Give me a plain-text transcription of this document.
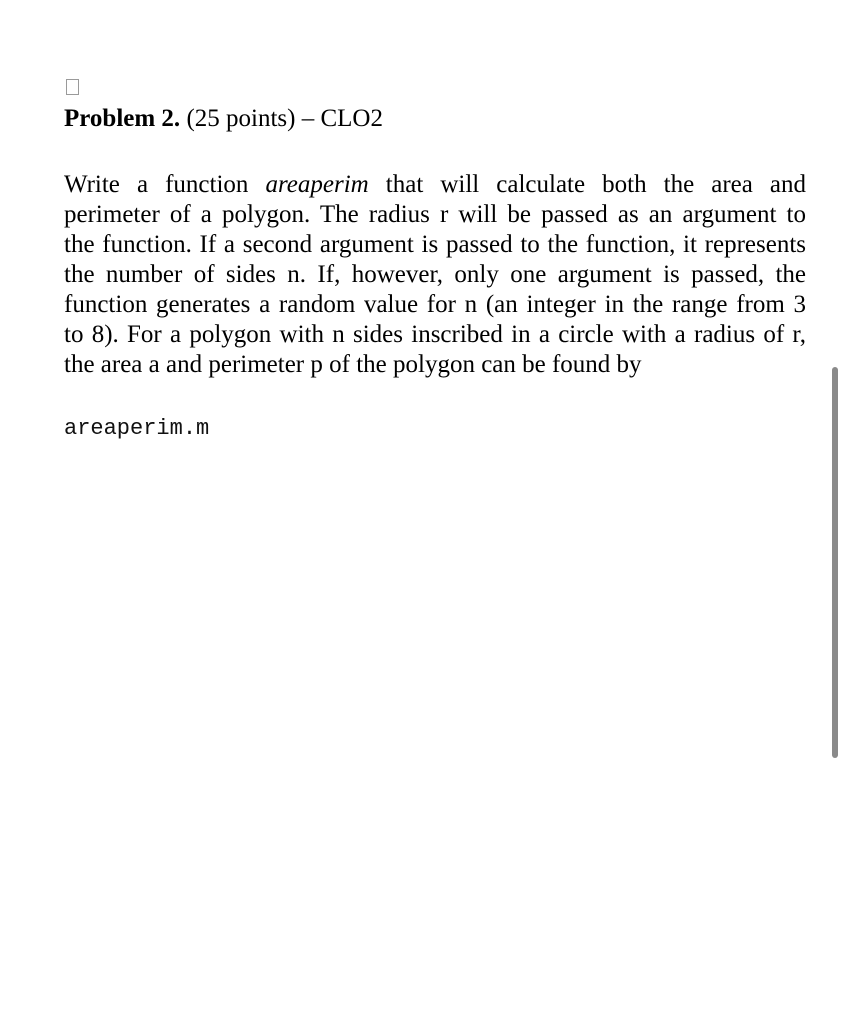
Problem 2. (25 points) – CLO2
Write a function areaperim that will calculate both the area and
perimeter of a polygon. The radius r will be passed as an argument to
the function. If a second argument is passed to the function, it represents
the number of sides n. If, however, only one argument is passed, the
function generates a random value for n (an integer in the range from 3
to 8). For a polygon with n sides inscribed in a circle with a radius of r,
the area a and perimeter p of the polygon can be found by
areaperim.m
